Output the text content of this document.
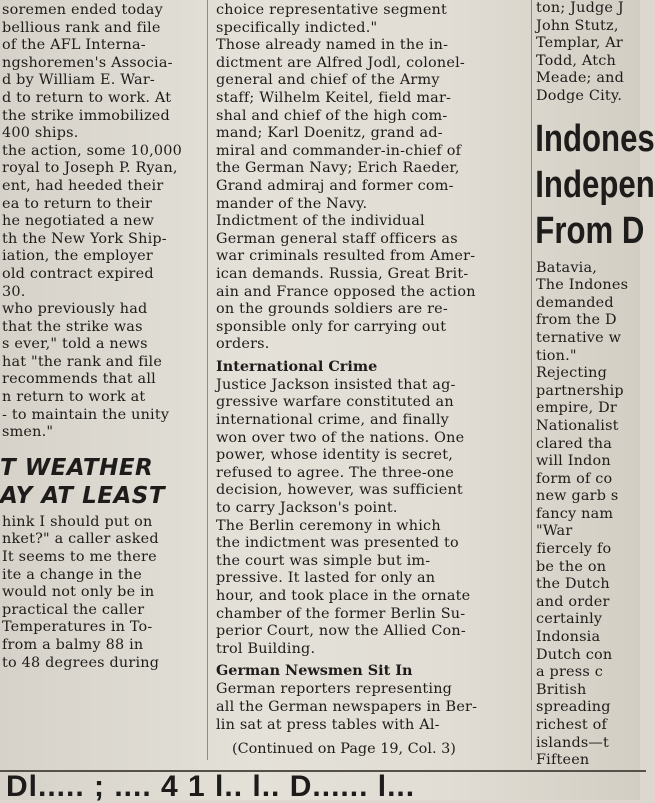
soremen ended today
bellious rank and file
of the AFL Interna-
ngshoremen's Associa-
d by William E. War-
d to return to work. At
the strike immobilized
400 ships.
the action, some 10,000
royal to Joseph P. Ryan,
ent, had heeded their
ea to return to their
he negotiated a new
th the New York Ship-
iation, the employer
old contract expired
30.
who previously had
that the strike was
s ever," told a news
hat "the rank and file
recommends that all
n return to work at
- to maintain the unity
smen."
T WEATHER
AY AT LEAST
hink I should put on
nket?" a caller asked
It seems to me there
ite a change in the
would not only be in
practical the caller
Temperatures in To-
from a balmy 88 in
to 48 degrees during
choice representative segment
specifically indicted."
Those already named in the in-
dictment are Alfred Jodl, colonel-
general and chief of the Army
staff; Wilhelm Keitel, field mar-
shal and chief of the high com-
mand; Karl Doenitz, grand ad-
miral and commander-in-chief of
the German Navy; Erich Raeder,
Grand admiraj and former com-
mander of the Navy.
Indictment of the individual
German general staff officers as
war criminals resulted from Amer-
ican demands. Russia, Great Brit-
ain and France opposed the action
on the grounds soldiers are re-
sponsible only for carrying out
orders.
International Crime
Justice Jackson insisted that ag-
gressive warfare constituted an
international crime, and finally
won over two of the nations. One
power, whose identity is secret,
refused to agree. The three-one
decision, however, was sufficient
to carry Jackson's point.
The Berlin ceremony in which
the indictment was presented to
the court was simple but im-
pressive. It lasted for only an
hour, and took place in the ornate
chamber of the former Berlin Su-
perior Court, now the Allied Con-
trol Building.
German Newsmen Sit In
German reporters representing
all the German newspapers in Ber-
lin sat at press tables with Al-
(Continued on Page 19, Col. 3)
ton; Judge J
John Stutz,
Templar, Ar
Todd, Atch
Meade; and
Dodge City.
Indones
Indepen
From D
Batavia,
The Indones
demanded
from the D
ternative w
tion."
Rejecting
partnership
empire, Dr
Nationalist
clared tha
will Indon
form of co
new garb s
fancy nam
"War
fiercely fo
be the on
the Dutch
and order
certainly
Indonsia
Dutch con
a press c
British
spreading
richest of
islands—t
Fifteen
Dl..... ; .... 4 1 l.. l.. D...... l...
